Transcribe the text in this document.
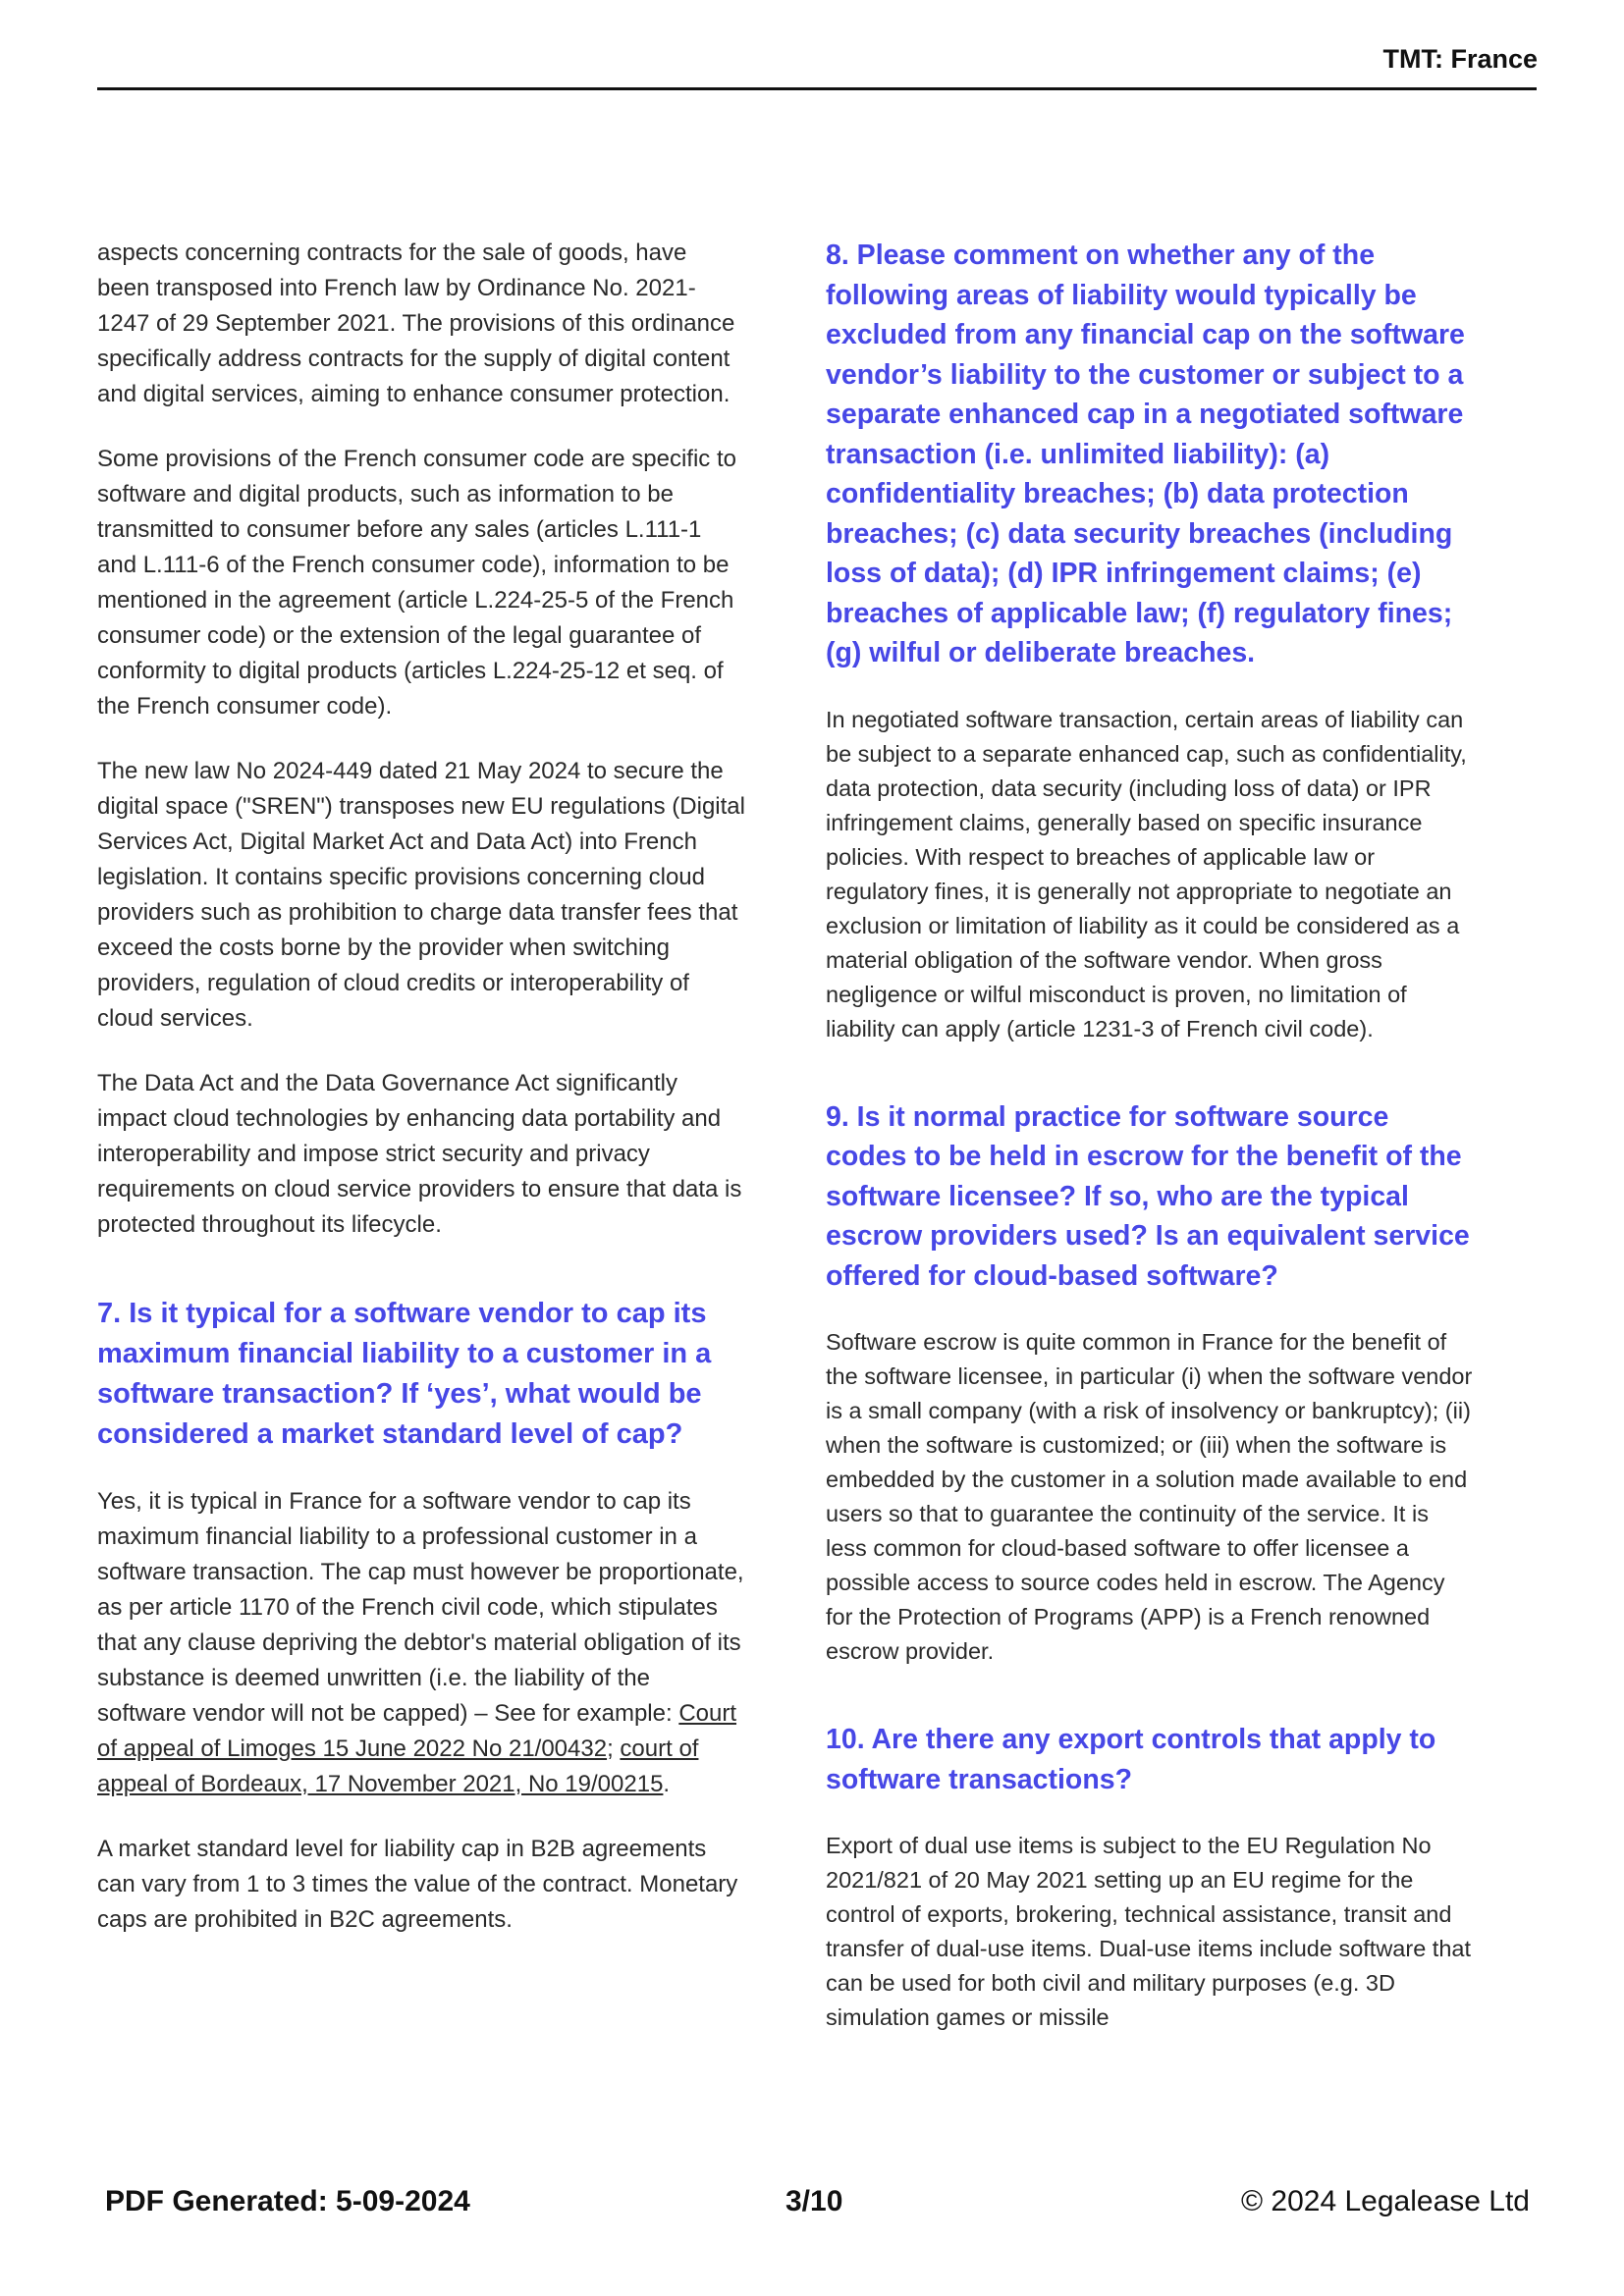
TMT: France

aspects concerning contracts for the sale of goods, have been transposed into French law by Ordinance No. 2021-1247 of 29 September 2021. The provisions of this ordinance specifically address contracts for the supply of digital content and digital services, aiming to enhance consumer protection.

Some provisions of the French consumer code are specific to software and digital products, such as information to be transmitted to consumer before any sales (articles L.111-1 and L.111-6 of the French consumer code), information to be mentioned in the agreement (article L.224-25-5 of the French consumer code) or the extension of the legal guarantee of conformity to digital products (articles L.224-25-12 et seq. of the French consumer code).

The new law No 2024-449 dated 21 May 2024 to secure the digital space ("SREN") transposes new EU regulations (Digital Services Act, Digital Market Act and Data Act) into French legislation. It contains specific provisions concerning cloud providers such as prohibition to charge data transfer fees that exceed the costs borne by the provider when switching providers, regulation of cloud credits or interoperability of cloud services.

The Data Act and the Data Governance Act significantly impact cloud technologies by enhancing data portability and interoperability and impose strict security and privacy requirements on cloud service providers to ensure that data is protected throughout its lifecycle.

7. Is it typical for a software vendor to cap its maximum financial liability to a customer in a software transaction? If ‘yes’, what would be considered a market standard level of cap?

Yes, it is typical in France for a software vendor to cap its maximum financial liability to a professional customer in a software transaction. The cap must however be proportionate, as per article 1170 of the French civil code, which stipulates that any clause depriving the debtor's material obligation of its substance is deemed unwritten (i.e. the liability of the software vendor will not be capped) – See for example: Court of appeal of Limoges 15 June 2022 No 21/00432; court of appeal of Bordeaux, 17 November 2021, No 19/00215.

A market standard level for liability cap in B2B agreements can vary from 1 to 3 times the value of the contract. Monetary caps are prohibited in B2C agreements.

8. Please comment on whether any of the following areas of liability would typically be excluded from any financial cap on the software vendor’s liability to the customer or subject to a separate enhanced cap in a negotiated software transaction (i.e. unlimited liability): (a) confidentiality breaches; (b) data protection breaches; (c) data security breaches (including loss of data); (d) IPR infringement claims; (e) breaches of applicable law; (f) regulatory fines; (g) wilful or deliberate breaches.

In negotiated software transaction, certain areas of liability can be subject to a separate enhanced cap, such as confidentiality, data protection, data security (including loss of data) or IPR infringement claims, generally based on specific insurance policies. With respect to breaches of applicable law or regulatory fines, it is generally not appropriate to negotiate an exclusion or limitation of liability as it could be considered as a material obligation of the software vendor. When gross negligence or wilful misconduct is proven, no limitation of liability can apply (article 1231-3 of French civil code).

9. Is it normal practice for software source codes to be held in escrow for the benefit of the software licensee? If so, who are the typical escrow providers used? Is an equivalent service offered for cloud-based software?

Software escrow is quite common in France for the benefit of the software licensee, in particular (i) when the software vendor is a small company (with a risk of insolvency or bankruptcy); (ii) when the software is customized; or (iii) when the software is embedded by the customer in a solution made available to end users so that to guarantee the continuity of the service. It is less common for cloud-based software to offer licensee a possible access to source codes held in escrow. The Agency for the Protection of Programs (APP) is a French renowned escrow provider.

10. Are there any export controls that apply to software transactions?

Export of dual use items is subject to the EU Regulation No 2021/821 of 20 May 2021 setting up an EU regime for the control of exports, brokering, technical assistance, transit and transfer of dual-use items. Dual-use items include software that can be used for both civil and military purposes (e.g. 3D simulation games or missile

PDF Generated: 5-09-2024	3/10	© 2024 Legalease Ltd
